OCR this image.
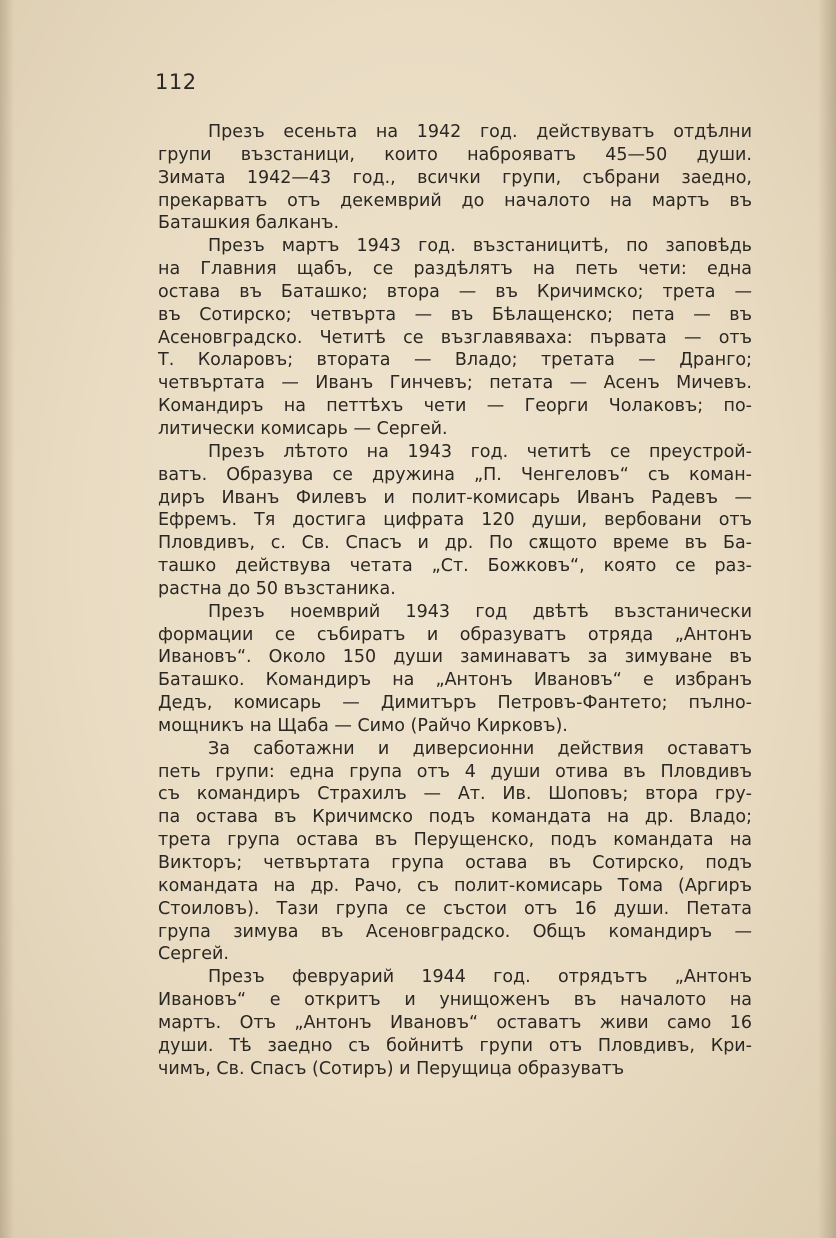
112
Презъ есеньта на 1942 год. действуватъ отдѣлни
групи възстаници, които наброяватъ 45—50 души.
Зимата 1942—43 год., всички групи, събрани заедно,
прекарватъ отъ декемврий до началото на мартъ въ
Баташкия балканъ.
Презъ мартъ 1943 год. възстаницитѣ, по заповѣдь
на Главния щабъ, се раздѣлятъ на петь чети: една
остава въ Баташко; втора — въ Кричимско; трета —
въ Сотирско; четвърта — въ Бѣлащенско; пета — въ
Асеновградско. Четитѣ се възглавяваха: първата — отъ
Т. Коларовъ; втората — Владо; третата — Дранго;
четвъртата — Иванъ Гинчевъ; петата — Асенъ Мичевъ.
Командиръ на петтѣхъ чети — Георги Чолаковъ; по-
литически комисарь — Сергей.
Презъ лѣтото на 1943 год. четитѣ се преустрой-
ватъ. Образува се дружина „П. Ченгеловъ“ съ коман-
диръ Иванъ Филевъ и полит-комисарь Иванъ Радевъ —
Ефремъ. Тя достига цифрата 120 души, вербовани отъ
Пловдивъ, с. Св. Спасъ и др. По сѫщото време въ Ба-
ташко действува четата „Ст. Божковъ“, която се раз-
растна до 50 възстаника.
Презъ ноемврий 1943 год двѣтѣ възстанически
формации се събиратъ и образуватъ отряда „Антонъ
Ивановъ“. Около 150 души заминаватъ за зимуване въ
Баташко. Командиръ на „Антонъ Ивановъ“ е избранъ
Дедъ, комисарь — Димитъръ Петровъ-Фантето; пълно-
мощникъ на Щаба — Симо (Райчо Кирковъ).
За саботажни и диверсионни действия оставатъ
петь групи: една група отъ 4 души отива въ Пловдивъ
съ командиръ Страхилъ — Ат. Ив. Шоповъ; втора гру-
па остава въ Кричимско подъ командата на др. Владо;
трета група остава въ Перущенско, подъ командата на
Викторъ; четвъртата група остава въ Сотирско, подъ
командата на др. Рачо, съ полит-комисарь Тома (Аргиръ
Стоиловъ). Тази група се състои отъ 16 души. Петата
група зимува въ Асеновградско. Общъ командиръ —
Сергей.
Презъ февруарий 1944 год. отрядътъ „Антонъ
Ивановъ“ е откритъ и унищоженъ въ началото на
мартъ. Отъ „Антонъ Ивановъ“ оставатъ живи само 16
души. Тѣ заедно съ бойнитѣ групи отъ Пловдивъ, Кри-
чимъ, Св. Спасъ (Сотиръ) и Перущица образуватъ
